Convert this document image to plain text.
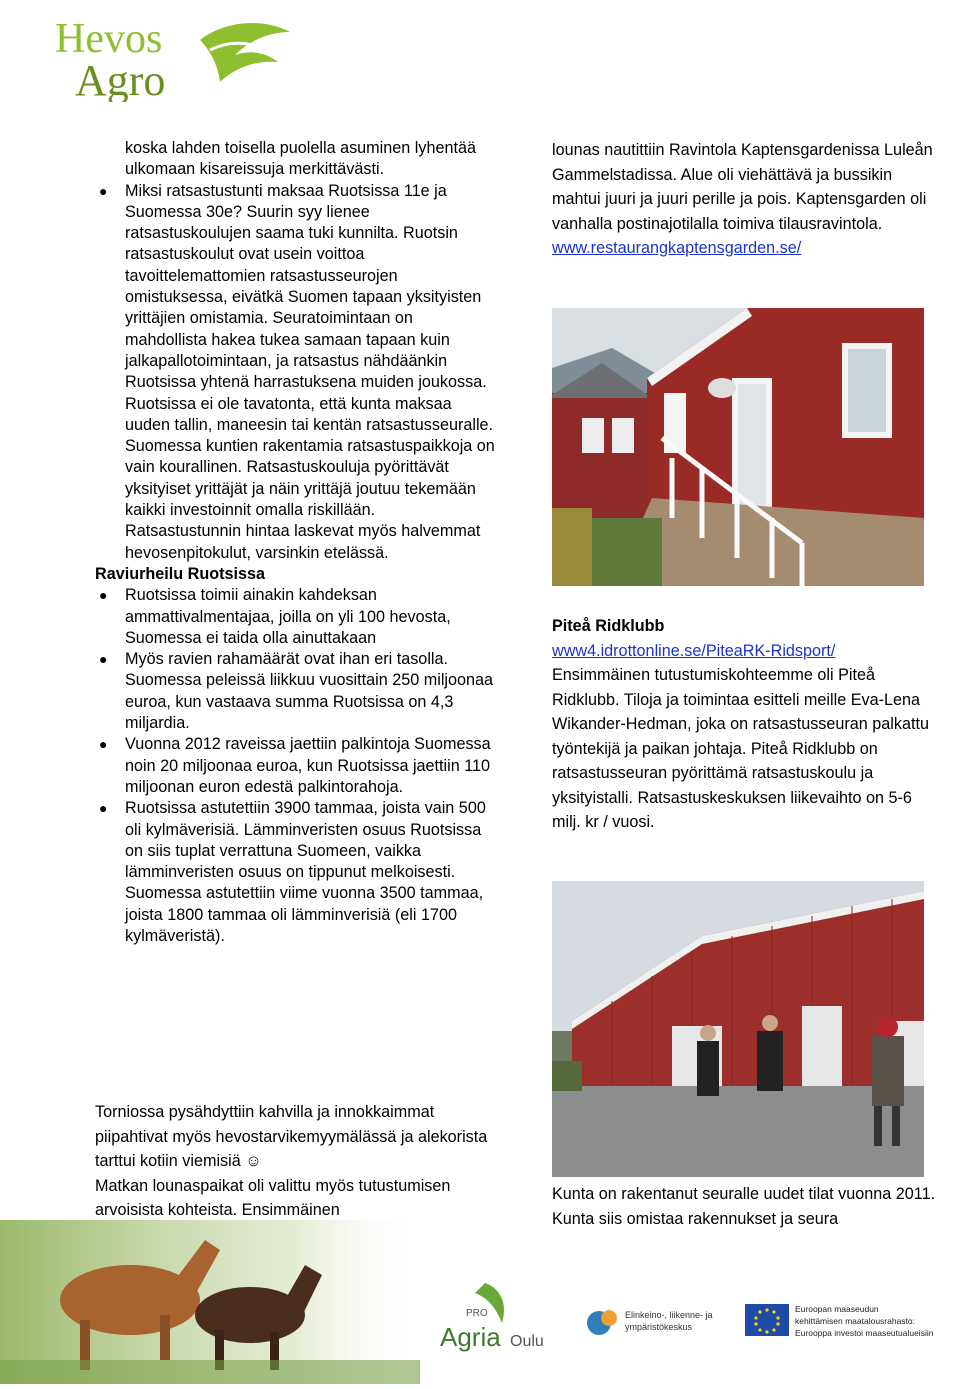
Hevos
Agro
koska lahden toisella puolella asuminen lyhentää ulkomaan kisareissuja merkittävästi.
● Miksi ratsastustunti maksaa Ruotsissa 11e ja Suomessa 30e? Suurin syy lienee ratsastuskoulujen saama tuki kunnilta. Ruotsin ratsastuskoulut ovat usein voittoa tavoittelemattomien ratsastusseurojen omistuksessa, eivätkä Suomen tapaan yksityisten yrittäjien omistamia. Seuratoimintaan on mahdollista hakea tukea samaan tapaan kuin jalkapallotoimintaan, ja ratsastus nähdäänkin Ruotsissa yhtenä harrastuksena muiden joukossa. Ruotsissa ei ole tavatonta, että kunta maksaa uuden tallin, maneesin tai kentän ratsastusseuralle. Suomessa kuntien rakentamia ratsastuspaikkoja on vain kourallinen. Ratsastuskouluja pyörittävät yksityiset yrittäjät ja näin yrittäjä joutuu tekemään kaikki investoinnit omalla riskillään. Ratsastustunnin hintaa laskevat myös halvemmat hevosenpitokulut, varsinkin etelässä.
Raviurheilu Ruotsissa
● Ruotsissa toimii ainakin kahdeksan ammattivalmentajaa, joilla on yli 100 hevosta, Suomessa ei taida olla ainuttakaan
● Myös ravien rahamäärät ovat ihan eri tasolla. Suomessa peleissä liikkuu vuosittain 250 miljoonaa euroa, kun vastaava summa Ruotsissa on 4,3 miljardia.
● Vuonna 2012 raveissa jaettiin palkintoja Suomessa noin 20 miljoonaa euroa, kun Ruotsissa jaettiin 110 miljoonan euron edestä palkintorahoja.
● Ruotsissa astutettiin 3900 tammaa, joista vain 500 oli kylmäverisiä. Lämminveristen osuus Ruotsissa on siis tuplat verrattuna Suomeen, vaikka lämminveristen osuus on tippunut melkoisesti. Suomessa astutettiin viime vuonna 3500 tammaa, joista 1800 tammaa oli lämminverisiä (eli 1700 kylmäveristä).
Torniossa pysähdyttiin kahvilla ja innokkaimmat piipahtivat myös hevostarvikemyymälässä ja alekorista tarttui kotiin viemisiä ☺
Matkan lounaspaikat oli valittu myös tutustumisen arvoisista kohteista. Ensimmäinen
lounas nautittiin Ravintola Kaptensgardenissa Luleån Gammelstadissa. Alue oli viehättävä ja bussikin mahtui juuri ja juuri perille ja pois. Kaptensgarden oli vanhalla postinajotilalla toimiva tilausravintola.
www.restaurangkaptensgarden.se/
Piteå Ridklubb
www4.idrottonline.se/PiteaRK-Ridsport/
Ensimmäinen tutustumiskohteemme oli Piteå Ridklubb. Tiloja ja toimintaa esitteli meille Eva-Lena Wikander-Hedman, joka on ratsastusseuran palkattu työntekijä ja paikan johtaja. Piteå Ridklubb on ratsastusseuran pyörittämä ratsastuskoulu ja yksityistalli. Ratsastuskeskuksen liikevaihto on 5-6 milj. kr / vuosi.
Kunta on rakentanut seuralle uudet tilat vuonna 2011. Kunta siis omistaa rakennukset ja seura
PRO
Agria Oulu
Elinkeino-, liikenne- ja
ympäristökeskus
Euroopan maaseudun
kehittämisen maatalousrahasto:
Eurooppa investoi maaseutualueisiin
